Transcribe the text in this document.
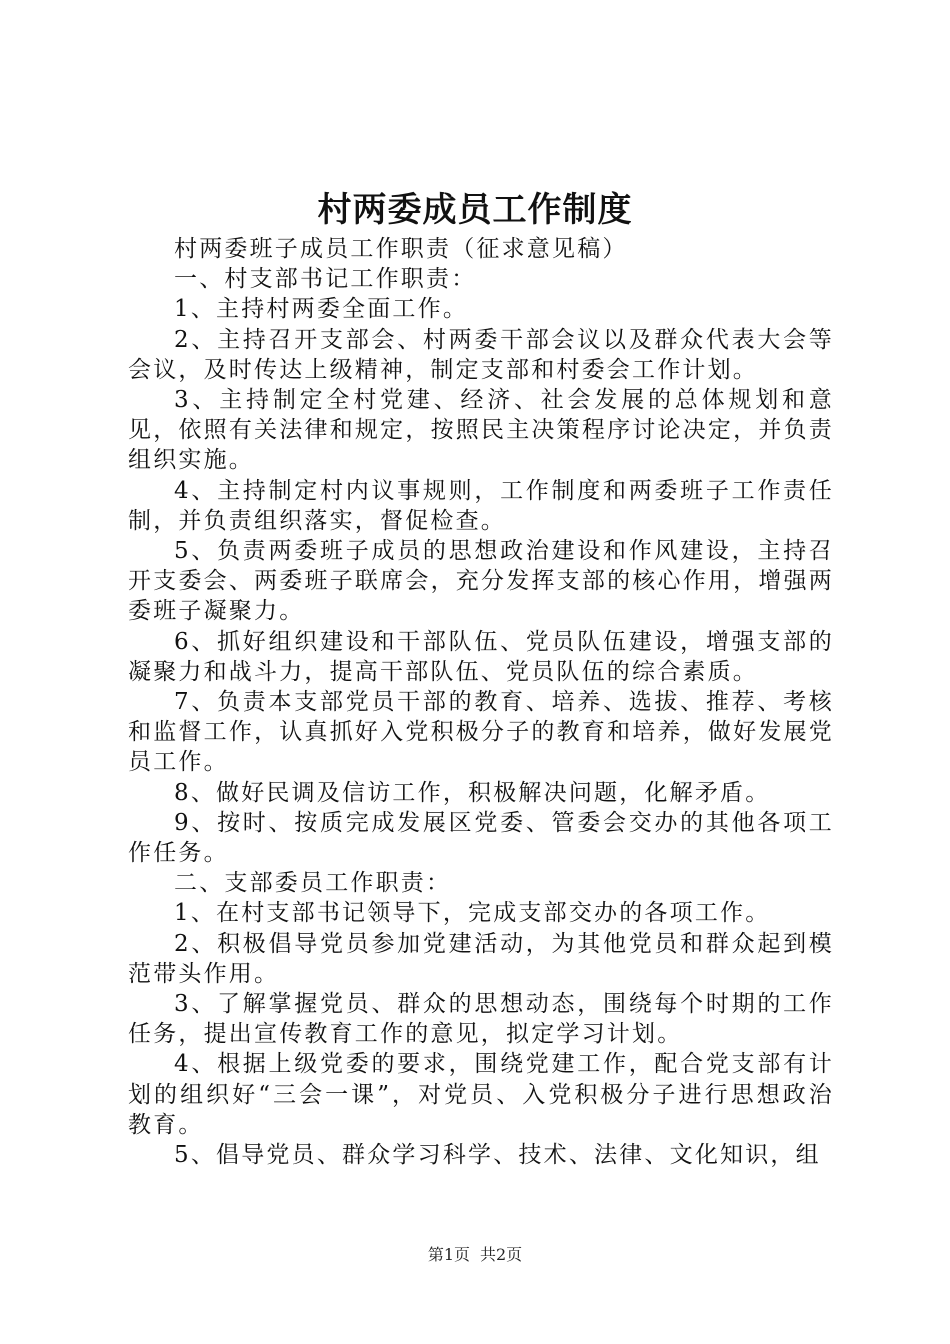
村两委成员工作制度

村两委班子成员工作职责（征求意见稿）

一、村支部书记工作职责：

1、主持村两委全面工作。

2、主持召开支部会、村两委干部会议以及群众代表大会等会议，及时传达上级精神，制定支部和村委会工作计划。

3、主持制定全村党建、经济、社会发展的总体规划和意见，依照有关法律和规定，按照民主决策程序讨论决定，并负责组织实施。

4、主持制定村内议事规则，工作制度和两委班子工作责任制，并负责组织落实，督促检查。

5、负责两委班子成员的思想政治建设和作风建设，主持召开支委会、两委班子联席会，充分发挥支部的核心作用，增强两委班子凝聚力。

6、抓好组织建设和干部队伍、党员队伍建设，增强支部的凝聚力和战斗力，提高干部队伍、党员队伍的综合素质。

7、负责本支部党员干部的教育、培养、选拔、推荐、考核和监督工作，认真抓好入党积极分子的教育和培养，做好发展党员工作。

8、做好民调及信访工作，积极解决问题，化解矛盾。

9、按时、按质完成发展区党委、管委会交办的其他各项工作任务。

二、支部委员工作职责：

1、在村支部书记领导下，完成支部交办的各项工作。

2、积极倡导党员参加党建活动，为其他党员和群众起到模范带头作用。

3、了解掌握党员、群众的思想动态，围绕每个时期的工作任务，提出宣传教育工作的意见，拟定学习计划。

4、根据上级党委的要求，围绕党建工作，配合党支部有计划的组织好“三会一课”，对党员、入党积极分子进行思想政治教育。

5、倡导党员、群众学习科学、技术、法律、文化知识，组

第1页 共2页
